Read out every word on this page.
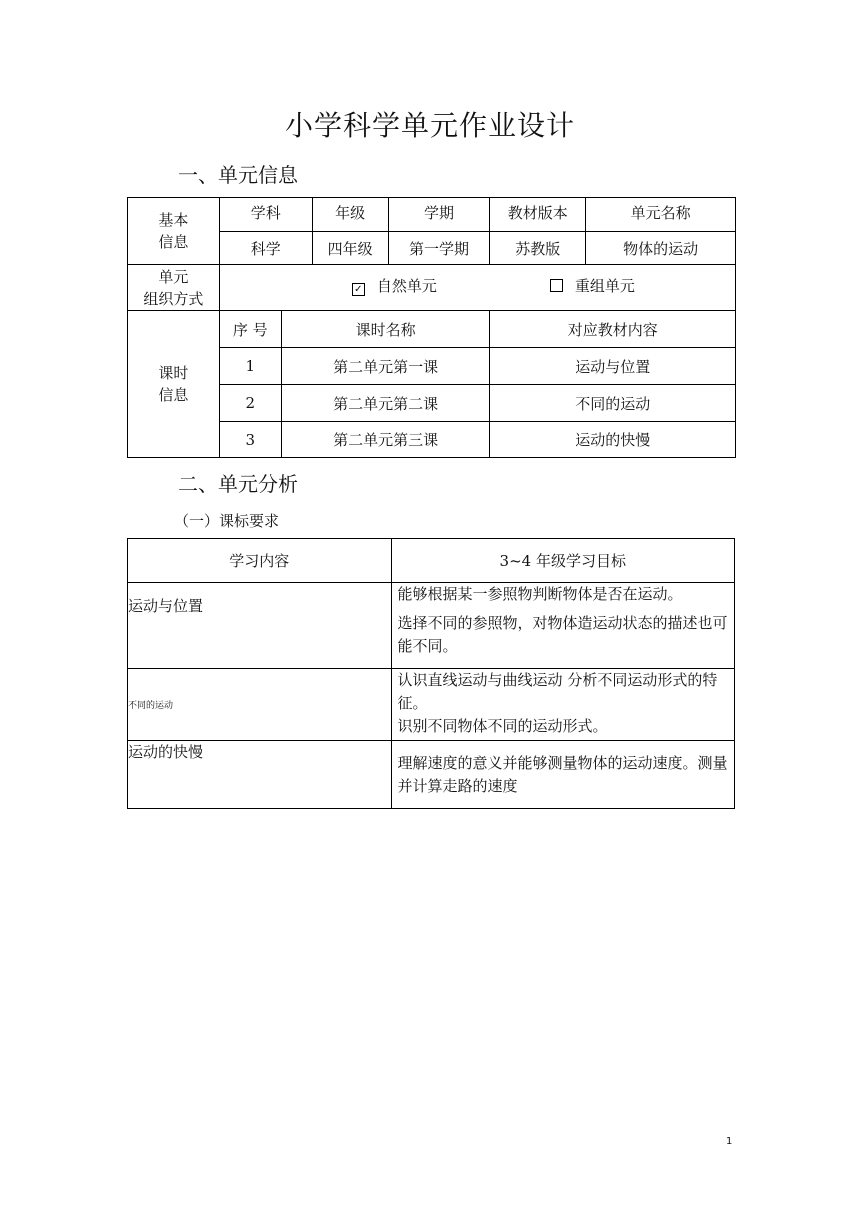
小学科学单元作业设计
一、单元信息
基本
信息	学科		年级	学期	教材版本	单元名称
	科学		四年级	第一学期	苏教版	物体的运动
单元
组织方式	✓ 自然单元 重组单元					

课时
信息	序 号	课时名称			对应教材内容	
	1	第二单元第一课			运动与位置	
	2	第二单元第二课			不同的运动	
	3	第二单元第三课			运动的快慢	
二、单元分析
（一）课标要求
学习内容	3~4 年级学习目标
运动与位置	能够根据某一参照物判断物体是否在运动。
选择不同的参照物，对物体造运动状态的描述也可能不同。

不同的运动	认识直线运动与曲线运动 分析不同运动形式的特征。
识别不同物体不同的运动形式。

运动的快慢	理解速度的意义并能够测量物体的运动速度。测量并计算走路的速度
1
